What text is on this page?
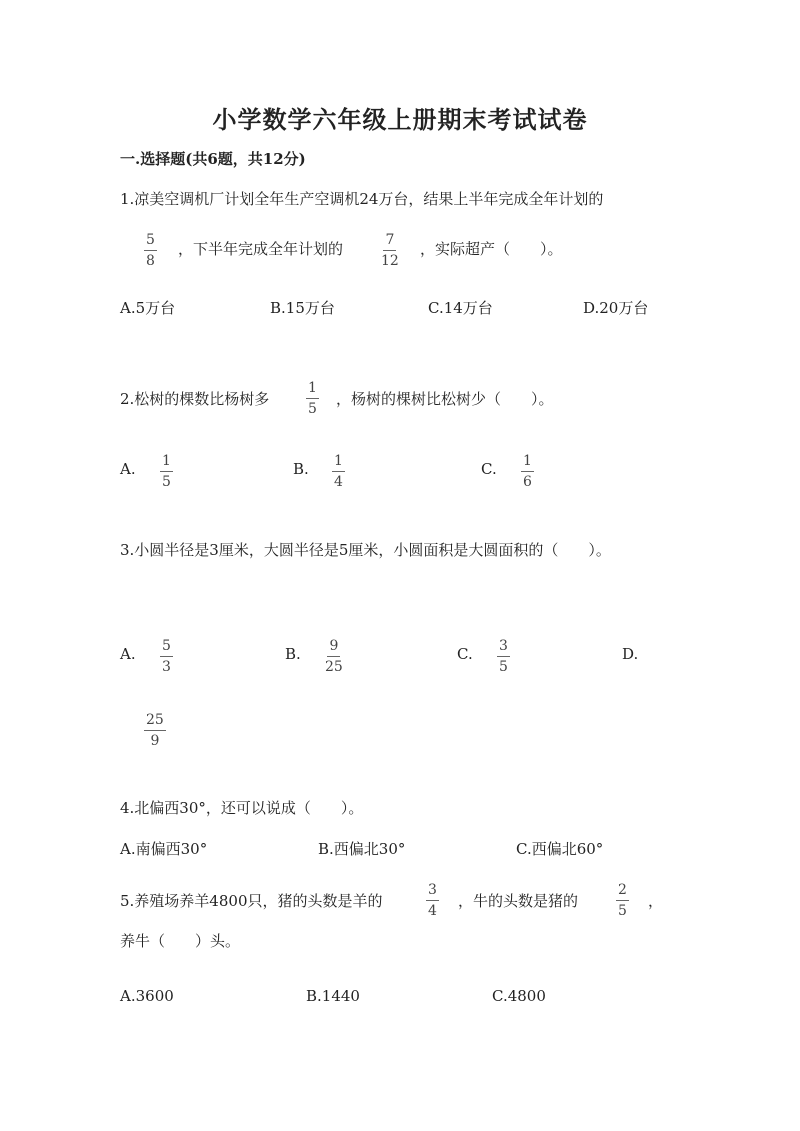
小学数学六年级上册期末考试试卷
一.选择题(共6题，共12分)
1.凉美空调机厂计划全年生产空调机24万台，结果上半年完成全年计划的
$\frac{5}{8}$ ，下半年完成全年计划的	$\frac{7}{12}$ ，实际超产（　　）。
A.5万台	B.15万台	C.14万台	D.20万台
2.松树的棵数比杨树多	$\frac{1}{5}$ ，杨树的棵树比松树少（　　）。
A. $\frac{1}{5}$	B. $\frac{1}{4}$	C. $\frac{1}{6}$
3.小圆半径是3厘米，大圆半径是5厘米，小圆面积是大圆面积的（　　）。
A. $\frac{5}{3}$	B. $\frac{9}{25}$	C. $\frac{3}{5}$	D.
$\frac{25}{9}$
4.北偏西30°，还可以说成（　　）。
A.南偏西30°	B.西偏北30°	C.西偏北60°
5.养殖场养羊4800只，猪的头数是羊的	$\frac{3}{4}$ ，牛的头数是猪的	$\frac{2}{5}$ ，
养牛（　　）头。
A.3600	B.1440	C.4800
